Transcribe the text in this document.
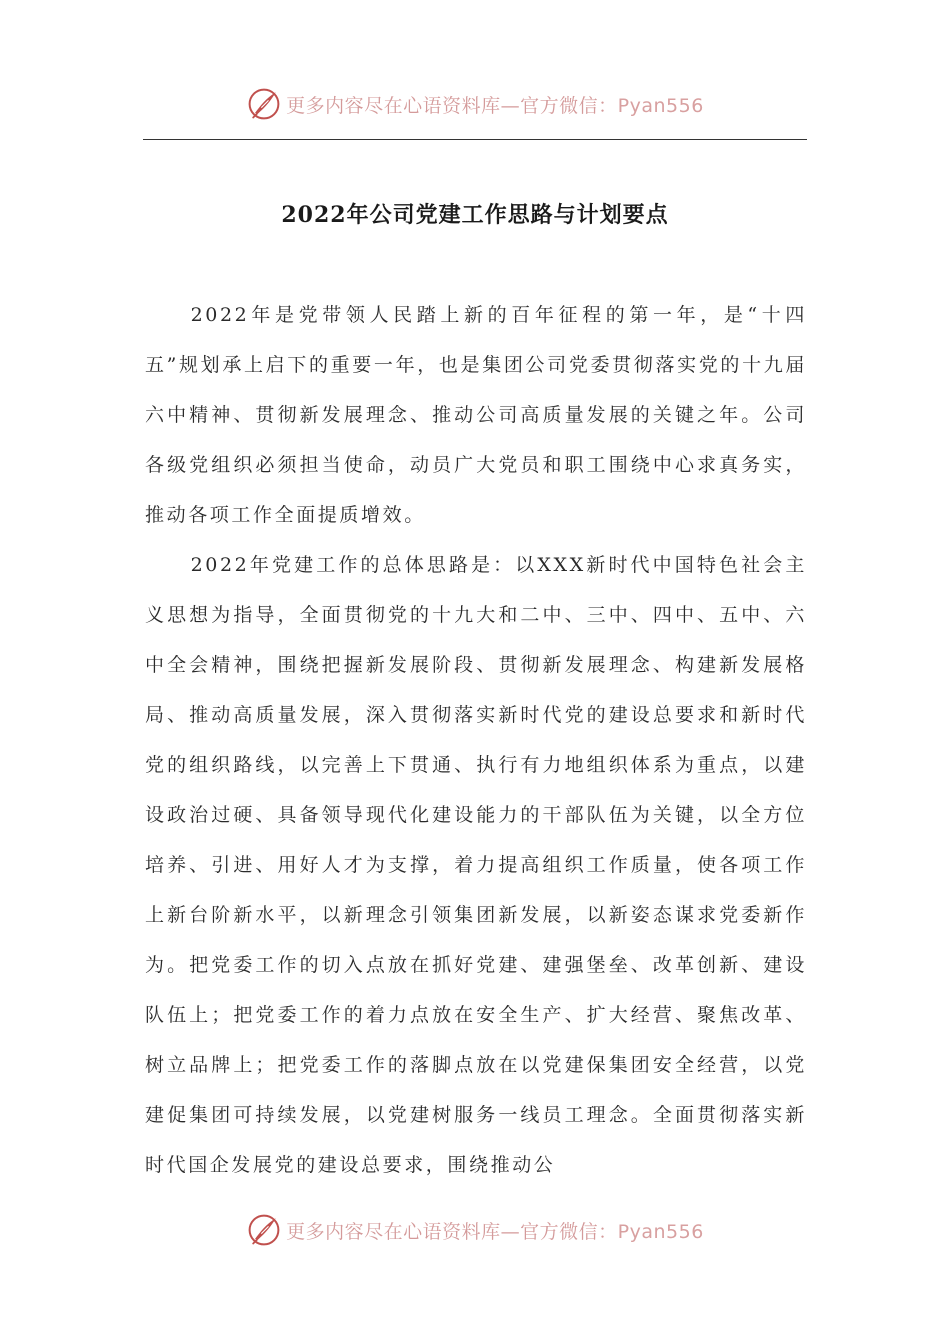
更多内容尽在心语资料库—官方微信：Pyan556
2022年公司党建工作思路与计划要点

2022年是党带领人民踏上新的百年征程的第一年，是“十四五”规划承上启下的重要一年，也是集团公司党委贯彻落实党的十九届六中精神、贯彻新发展理念、推动公司高质量发展的关键之年。公司各级党组织必须担当使命，动员广大党员和职工围绕中心求真务实，推动各项工作全面提质增效。

2022年党建工作的总体思路是：以XXX新时代中国特色社会主义思想为指导，全面贯彻党的十九大和二中、三中、四中、五中、六中全会精神，围绕把握新发展阶段、贯彻新发展理念、构建新发展格局、推动高质量发展，深入贯彻落实新时代党的建设总要求和新时代党的组织路线，以完善上下贯通、执行有力地组织体系为重点，以建设政治过硬、具备领导现代化建设能力的干部队伍为关键，以全方位培养、引进、用好人才为支撑，着力提高组织工作质量，使各项工作上新台阶新水平，以新理念引领集团新发展，以新姿态谋求党委新作为。把党委工作的切入点放在抓好党建、建强堡垒、改革创新、建设队伍上；把党委工作的着力点放在安全生产、扩大经营、聚焦改革、树立品牌上；把党委工作的落脚点放在以党建保集团安全经营，以党建促集团可持续发展，以党建树服务一线员工理念。全面贯彻落实新时代国企发展党的建设总要求，围绕推动公

更多内容尽在心语资料库—官方微信：Pyan556
